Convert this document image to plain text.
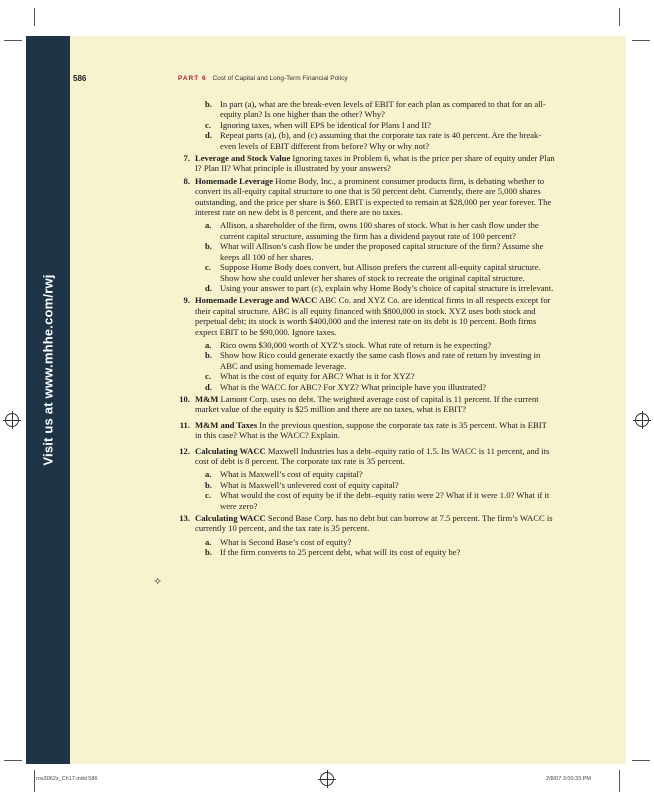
Visit us at www.mhhe.com/rwj
586	PART 6 Cost of Capital and Long-Term Financial Policy
✧
b. In part (a), what are the break-even levels of EBIT for each plan as compared to that for an all-equity plan? Is one higher than the other? Why?
c. Ignoring taxes, when will EPS be identical for Plans I and II?
d. Repeat parts (a), (b), and (c) assuming that the corporate tax rate is 40 percent. Are the break-even levels of EBIT different from before? Why or why not?
7. Leverage and Stock Value Ignoring taxes in Problem 6, what is the price per share of equity under Plan I? Plan II? What principle is illustrated by your answers?
8. Homemade Leverage Home Body, Inc., a prominent consumer products firm, is debating whether to convert its all-equity capital structure to one that is 50 percent debt. Currently, there are 5,000 shares outstanding, and the price per share is $60. EBIT is expected to remain at $28,000 per year forever. The interest rate on new debt is 8 percent, and there are no taxes.
a. Allison, a shareholder of the firm, owns 100 shares of stock. What is her cash flow under the current capital structure, assuming the firm has a dividend payout rate of 100 percent?
b. What will Allison’s cash flow be under the proposed capital structure of the firm? Assume she keeps all 100 of her shares.
c. Suppose Home Body does convert, but Allison prefers the current all-equity capital structure. Show how she could unlever her shares of stock to recreate the original capital structure.
d. Using your answer to part (c), explain why Home Body’s choice of capital structure is irrelevant.
9. Homemade Leverage and WACC ABC Co. and XYZ Co. are identical firms in all respects except for their capital structure. ABC is all equity financed with $800,000 in stock. XYZ uses both stock and perpetual debt; its stock is worth $400,000 and the interest rate on its debt is 10 percent. Both firms expect EBIT to be $90,000. Ignore taxes.
a. Rico owns $30,000 worth of XYZ’s stock. What rate of return is he expecting?
b. Show how Rico could generate exactly the same cash flows and rate of return by investing in ABC and using homemade leverage.
c. What is the cost of equity for ABC? What is it for XYZ?
d. What is the WACC for ABC? For XYZ? What principle have you illustrated?
10. M&M Lamont Corp. uses no debt. The weighted average cost of capital is 11 percent. If the current market value of the equity is $25 million and there are no taxes, what is EBIT?
11. M&M and Taxes In the previous question, suppose the corporate tax rate is 35 percent. What is EBIT in this case? What is the WACC? Explain.
12. Calculating WACC Maxwell Industries has a debt–equity ratio of 1.5. Its WACC is 11 percent, and its cost of debt is 8 percent. The corporate tax rate is 35 percent.
a. What is Maxwell’s cost of equity capital?
b. What is Maxwell’s unlevered cost of equity capital?
c. What would the cost of equity be if the debt–equity ratio were 2? What if it were 1.0? What if it were zero?
13. Calculating WACC Second Base Corp. has no debt but can borrow at 7.5 percent. The firm’s WACC is currently 10 percent, and the tax rate is 35 percent.
a. What is Second Base’s cost of equity?
b. If the firm converts to 25 percent debt, what will its cost of equity be?
ros3062x_Ch17.indd 586	2/8/07 3:00:33 PM
